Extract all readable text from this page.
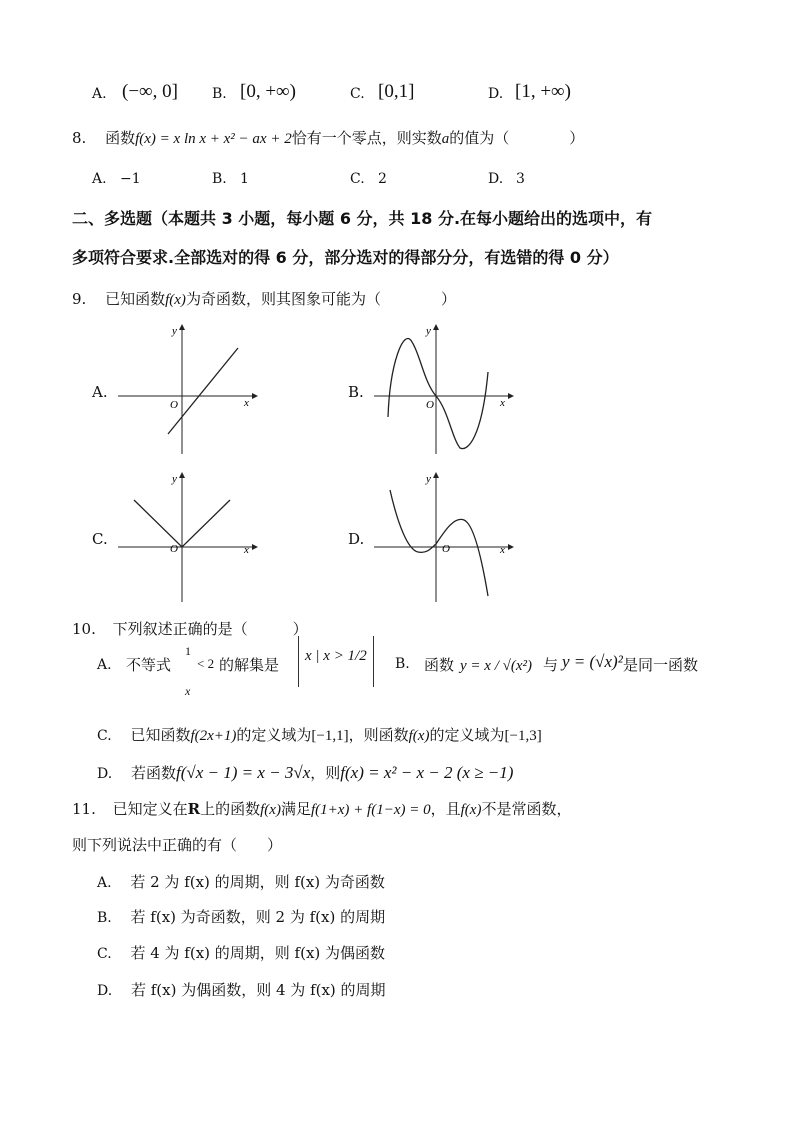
A. (−∞, 0] B. [0, +∞)	C. [0,1]	D. [1, +∞)
8. 函数f(x) = x ln x + x² − ax + 2恰有一个零点，则实数a的值为（　　　　）
A. −1	B. 1	C. 2	D. 3
二、多选题（本题共 3 小题，每小题 6 分，共 18 分.在每小题给出的选项中，有
多项符合要求.全部选对的得 6 分，部分选对的得部分分，有选错的得 0 分）
9. 已知函数f(x)为奇函数，则其图象可能为（　　　　）
A.
x
y
O
B.
x
y
O
C.
x
y
O
D.
x
y
O
10. 下列叙述正确的是（　　　）
A. 不等式
1
x
< 2 的解集是	x | x > 1/2	B. 函数 y = x / √(x²) 与 y = (√x)² 是同一函数
C. 已知函数f(2x+1)的定义域为[−1,1]，则函数f(x)的定义域为[−1,3]
D. 若函数f(√x − 1) = x − 3√x，则f(x) = x² − x − 2 (x ≥ −1)
11. 已知定义在R上的函数f(x)满足f(1+x) + f(1−x) = 0，且f(x)不是常函数，
则下列说法中正确的有（　　）
A. 若 2 为 f(x) 的周期，则 f(x) 为奇函数
B. 若 f(x) 为奇函数，则 2 为 f(x) 的周期
C. 若 4 为 f(x) 的周期，则 f(x) 为偶函数
D. 若 f(x) 为偶函数，则 4 为 f(x) 的周期
